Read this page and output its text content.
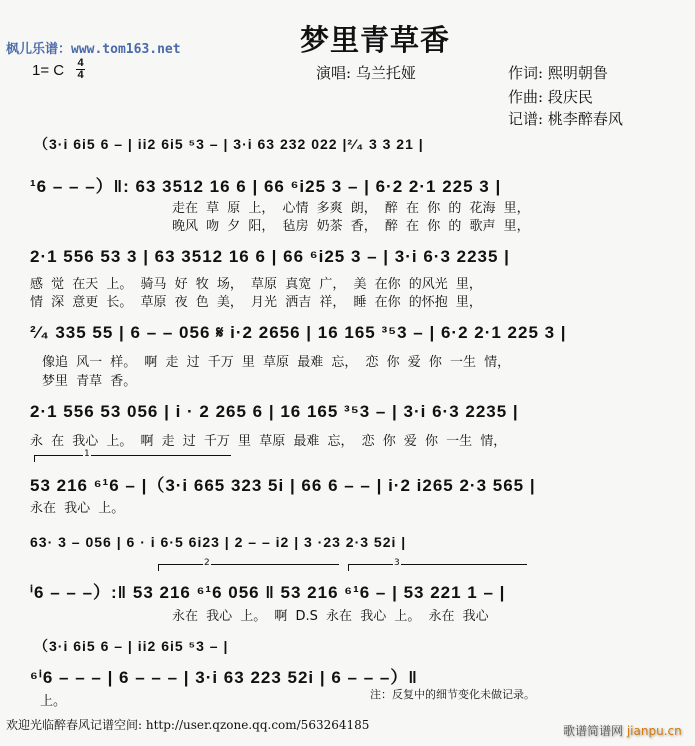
枫儿乐谱：www.tom163.net
1= C 4
4
梦里青草香
演唱: 乌兰托娅	作词: 熙明朝鲁
作曲: 段庆民
记谱: 桃李醉春风
（3·i 6i5 6 – | ii2 6i5 ⁵3 – | 3·i 63 232 022 |²⁄₄ 3 3 21 |
¹6 – – –）‖: 63 3512 16 6 | 66 ⁶i25 3 – | 6·2 2·1 225 3 |
走在 草 原 上， 心情 多爽 朗， 醉 在 你 的 花海 里，
晚风 吻 夕 阳， 毡房 奶茶 香， 醉 在 你 的 歌声 里，
2·1 556 53 3 | 63 3512 16 6 | 66 ⁶i25 3 – | 3·i 6·3 2235 |
感 觉 在天 上。 骑马 好 牧 场， 草原 真宽 广， 美 在你 的风光 里，
情 深 意更 长。 草原 夜 色 美， 月光 洒吉 祥， 睡 在你 的怀抱 里，
²⁄₄ 335 55 | 6 – – 056 𝄋 i·2 2656 | 16 165 ³⁵3 – | 6·2 2·1 225 3 |
像追 风一 样。 啊 走 过 千万 里 草原 最难 忘， 恋 你 爱 你 一生 情，
梦里 青草 香。
2·1 556 53 056 | i · 2 265 6 | 16 165 ³⁵3 – | 3·i 6·3 2235 |
永 在 我心 上。 啊 走 过 千万 里 草原 最难 忘， 恋 你 爱 你 一生 情，
1
53 216 ⁶¹6 – |（3·i 665 323 5i | 66 6 – – | i·2 i265 2·3 565 |
永在 我心 上。
63· 3 – 056 | 6 · i 6·5 6i23 | 2 – – i2 | 3 ·23 2·3 52i |
2	3
ⁱ6 – – –）:‖ 53 216 ⁶¹6 056 ‖ 53 216 ⁶¹6 – | 53 221 1 – |
永在 我心 上。 啊 D.S 永在 我心 上。 永在 我心
（3·i 6i5 6 – | ii2 6i5 ⁵3 – |
⁶ⁱ6 – – – | 6 – – – | 3·i 63 223 52i | 6 – – –）‖
上。	注：反复中的细节变化未做记录。
欢迎光临醉春风记谱空间: http://user.qzone.qq.com/563264185	歌谱简谱网 jianpu.cn
